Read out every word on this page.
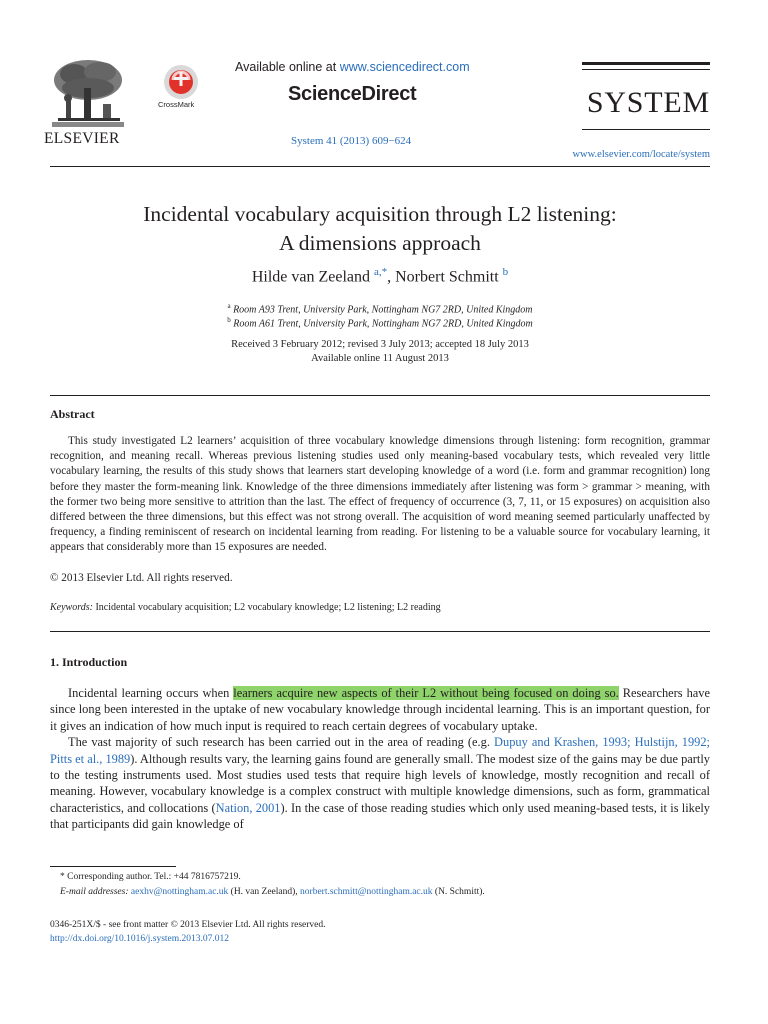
ELSEVIER
CrossMark
Available online at www.sciencedirect.com
ScienceDirect
System 41 (2013) 609−624
SYSTEM
www.elsevier.com/locate/system
Incidental vocabulary acquisition through L2 listening:
A dimensions approach
Hilde van Zeeland $^{a,*}$, Norbert Schmitt $^b$
$^a$ Room A93 Trent, University Park, Nottingham NG7 2RD, United Kingdom
$^b$ Room A61 Trent, University Park, Nottingham NG7 2RD, United Kingdom
Received 3 February 2012; revised 3 July 2013; accepted 18 July 2013
Available online 11 August 2013
Abstract

This study investigated L2 learners’ acquisition of three vocabulary knowledge dimensions through listening: form recognition, grammar recognition, and meaning recall. Whereas previous listening studies used only meaning-based vocabulary tests, which revealed very little vocabulary learning, the results of this study shows that learners start developing knowledge of a word (i.e. form and grammar recognition) long before they master the form-meaning link. Knowledge of the three dimensions immediately after listening was form > grammar > meaning, with the former two being more sensitive to attrition than the last. The effect of frequency of occurrence (3, 7, 11, or 15 exposures) on acquisition also differed between the three dimensions, but this effect was not strong overall. The acquisition of word meaning seemed particularly unaffected by frequency, a finding reminiscent of research on incidental learning from reading. For listening to be a valuable source for vocabulary learning, it appears that considerably more than 15 exposures are needed.

© 2013 Elsevier Ltd. All rights reserved.
Keywords: Incidental vocabulary acquisition; L2 vocabulary knowledge; L2 listening; L2 reading
1. Introduction

Incidental learning occurs when learners acquire new aspects of their L2 without being focused on doing so. Researchers have since long been interested in the uptake of new vocabulary knowledge through incidental learning. This is an important question, for it gives an indication of how much input is required to reach certain degrees of vocabulary uptake.

The vast majority of such research has been carried out in the area of reading (e.g. Dupuy and Krashen, 1993; Hulstijn, 1992; Pitts et al., 1989). Although results vary, the learning gains found are generally small. The modest size of the gains may be due partly to the testing instruments used. Most studies used tests that require high levels of knowledge, mostly recognition and recall of meaning. However, vocabulary knowledge is a complex construct with multiple knowledge dimensions, such as form, grammatical characteristics, and collocations (Nation, 2001). In the case of those reading studies which only used meaning-based tests, it is likely that participants did gain knowledge of

* Corresponding author. Tel.: +44 7816757219.
E-mail addresses: aexhv@nottingham.ac.uk (H. van Zeeland), norbert.schmitt@nottingham.ac.uk (N. Schmitt).
0346-251X/$ - see front matter © 2013 Elsevier Ltd. All rights reserved.
http://dx.doi.org/10.1016/j.system.2013.07.012
